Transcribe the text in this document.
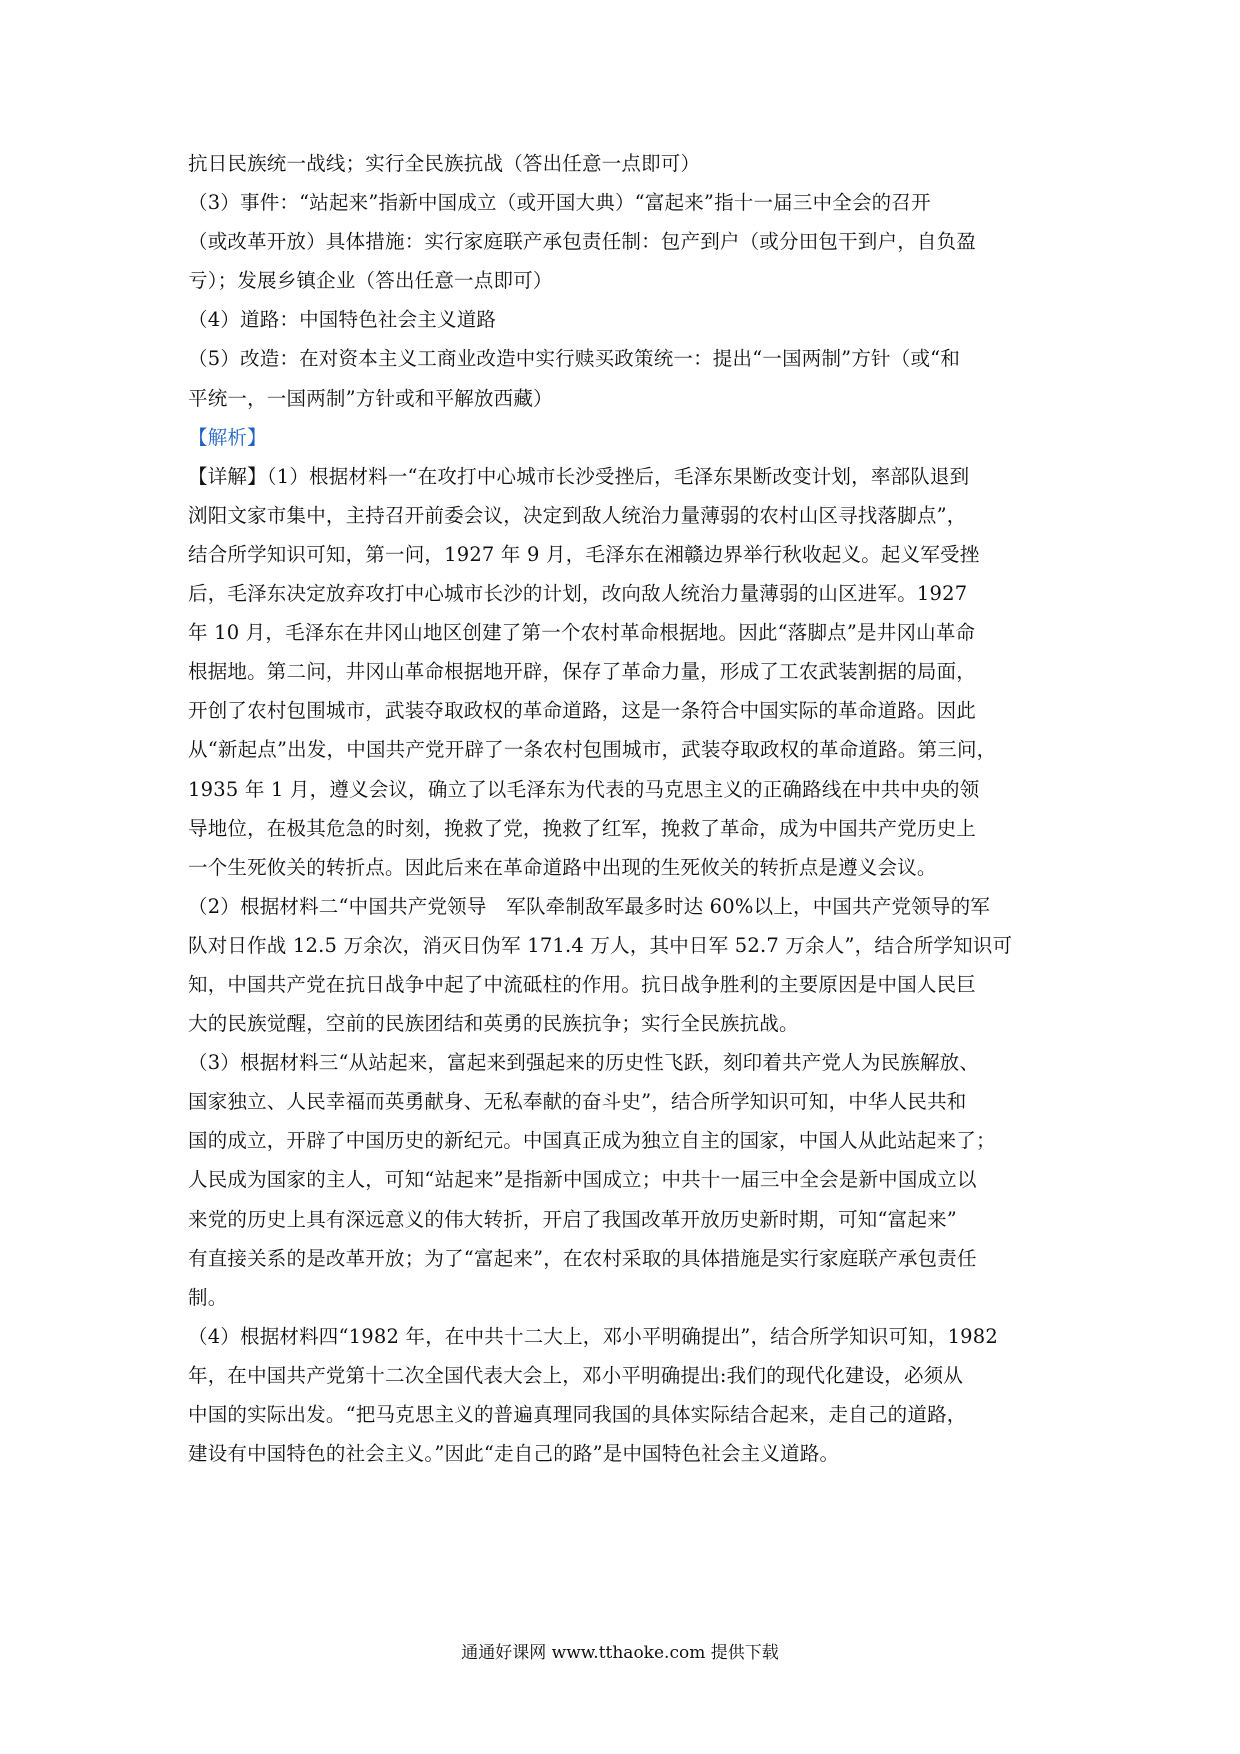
抗日民族统一战线；实行全民族抗战（答出任意一点即可）
（3）事件：“站起来”指新中国成立（或开国大典）“富起来”指十一届三中全会的召开
（或改革开放）具体措施：实行家庭联产承包责任制：包产到户（或分田包干到户，自负盈
亏）；发展乡镇企业（答出任意一点即可）
（4）道路：中国特色社会主义道路
（5）改造：在对资本主义工商业改造中实行赎买政策统一：提出“一国两制”方针（或“和
平统一，一国两制”方针或和平解放西藏）
【解析】
【详解】（1）根据材料一“在攻打中心城市长沙受挫后，毛泽东果断改变计划，率部队退到
浏阳文家市集中，主持召开前委会议，决定到敌人统治力量薄弱的农村山区寻找落脚点”，
结合所学知识可知，第一问，1927 年 9 月，毛泽东在湘赣边界举行秋收起义。起义军受挫
后，毛泽东决定放弃攻打中心城市长沙的计划，改向敌人统治力量薄弱的山区进军。1927
年 10 月，毛泽东在井冈山地区创建了第一个农村革命根据地。因此“落脚点”是井冈山革命
根据地。第二问，井冈山革命根据地开辟，保存了革命力量，形成了工农武装割据的局面，
开创了农村包围城市，武装夺取政权的革命道路，这是一条符合中国实际的革命道路。因此
从“新起点”出发，中国共产党开辟了一条农村包围城市，武装夺取政权的革命道路。第三问，
1935 年 1 月，遵义会议，确立了以毛泽东为代表的马克思主义的正确路线在中共中央的领
导地位，在极其危急的时刻，挽救了党，挽救了红军，挽救了革命，成为中国共产党历史上
一个生死攸关的转折点。因此后来在革命道路中出现的生死攸关的转折点是遵义会议。
（2）根据材料二“中国共产党领导　军队牵制敌军最多时达 60%以上，中国共产党领导的军
队对日作战 12.5 万余次，消灭日伪军 171.4 万人，其中日军 52.7 万余人”，结合所学知识可
知，中国共产党在抗日战争中起了中流砥柱的作用。抗日战争胜利的主要原因是中国人民巨
大的民族觉醒，空前的民族团结和英勇的民族抗争；实行全民族抗战。
（3）根据材料三“从站起来，富起来到强起来的历史性飞跃，刻印着共产党人为民族解放、
国家独立、人民幸福而英勇献身、无私奉献的奋斗史”，结合所学知识可知，中华人民共和
国的成立，开辟了中国历史的新纪元。中国真正成为独立自主的国家，中国人从此站起来了；
人民成为国家的主人，可知“站起来”是指新中国成立；中共十一届三中全会是新中国成立以
来党的历史上具有深远意义的伟大转折，开启了我国改革开放历史新时期，可知“富起来”
有直接关系的是改革开放；为了“富起来”，在农村采取的具体措施是实行家庭联产承包责任
制。
（4）根据材料四“1982 年，在中共十二大上，邓小平明确提出”，结合所学知识可知，1982
年，在中国共产党第十二次全国代表大会上，邓小平明确提出:我们的现代化建设，必须从
中国的实际出发。“把马克思主义的普遍真理同我国的具体实际结合起来，走自己的道路，
建设有中国特色的社会主义。”因此“走自己的路”是中国特色社会主义道路。
通通好课网 www.tthaoke.com 提供下载
